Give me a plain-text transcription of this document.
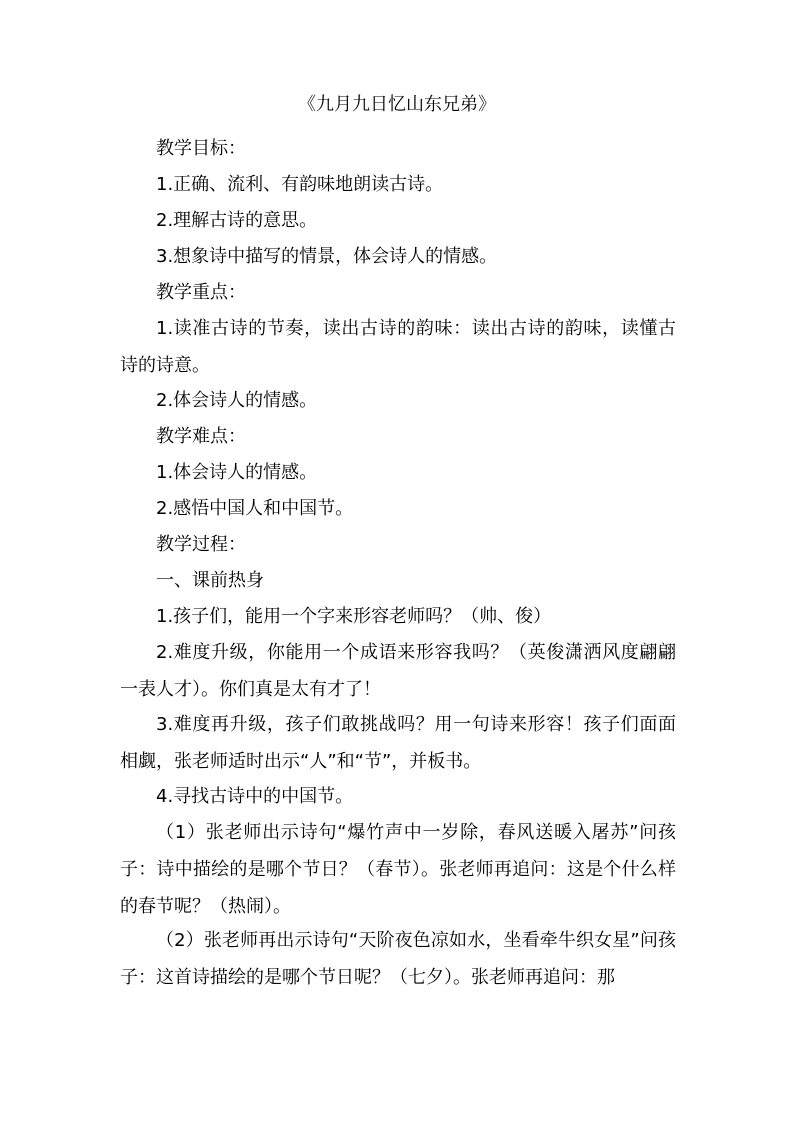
《九月九日忆山东兄弟》

教学目标：

1.正确、流利、有韵味地朗读古诗。

2.理解古诗的意思。

3.想象诗中描写的情景，体会诗人的情感。

教学重点：

1.读准古诗的节奏，读出古诗的韵味：读出古诗的韵味，读懂古诗的诗意。

2.体会诗人的情感。

教学难点：

1.体会诗人的情感。

2.感悟中国人和中国节。

教学过程：

一、课前热身

1.孩子们，能用一个字来形容老师吗？（帅、俊）

2.难度升级，你能用一个成语来形容我吗？（英俊潇洒风度翩翩一表人才）。你们真是太有才了！

3.难度再升级，孩子们敢挑战吗？用一句诗来形容！孩子们面面相觑，张老师适时出示“人”和“节”，并板书。

4.寻找古诗中的中国节。

（1）张老师出示诗句“爆竹声中一岁除，春风送暖入屠苏”问孩子：诗中描绘的是哪个节日？（春节）。张老师再追问：这是个什么样的春节呢？（热闹）。

（2）张老师再出示诗句“天阶夜色凉如水，坐看牵牛织女星”问孩子：这首诗描绘的是哪个节日呢？（七夕）。张老师再追问：那
